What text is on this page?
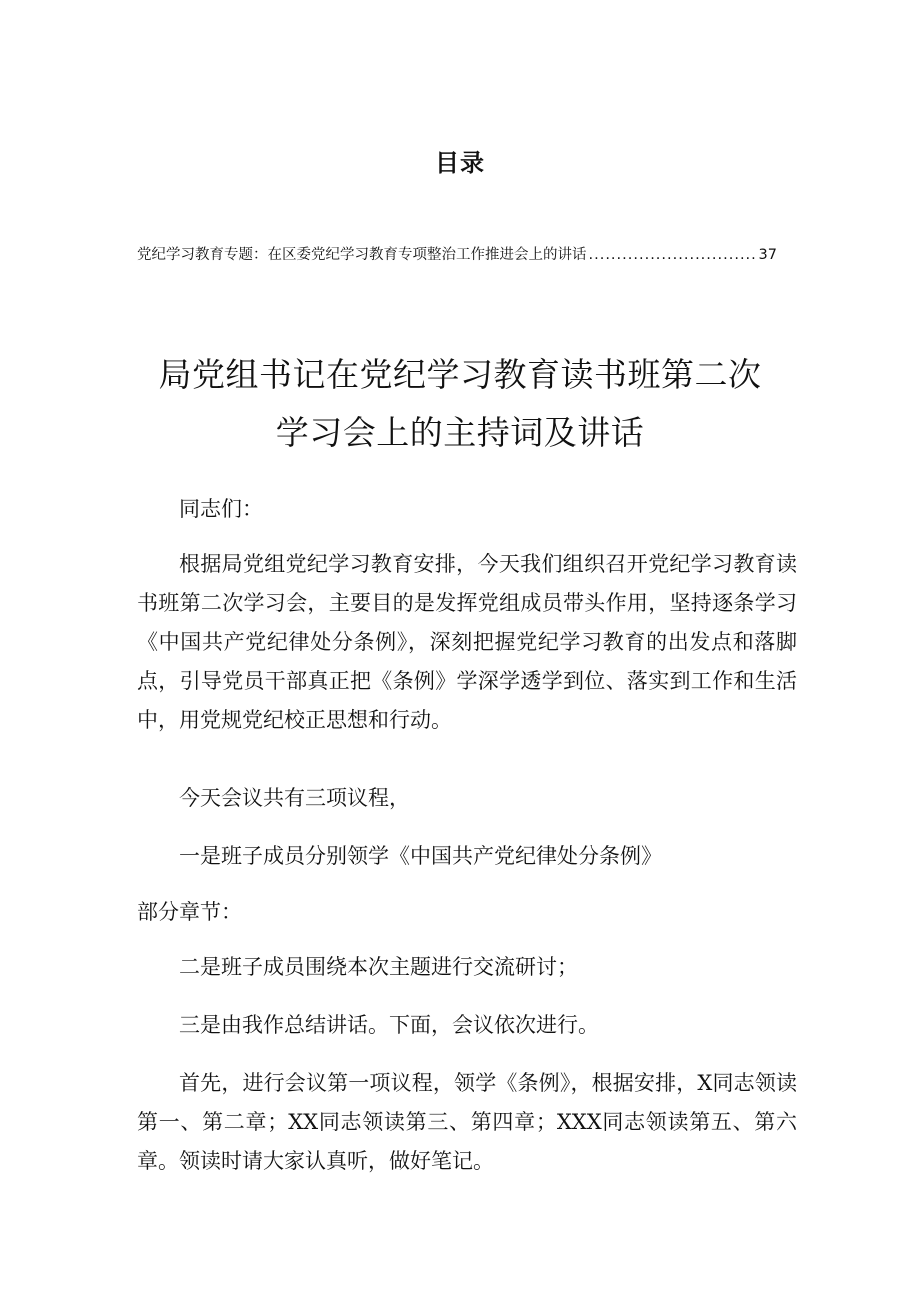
目录
党纪学习教育专题：在区委党纪学习教育专项整治工作推进会上的讲话
.....	37
局党组书记在党纪学习教育读书班第二次
学习会上的主持词及讲话

同志们：

根据局党组党纪学习教育安排，今天我们组织召开党纪学习教育读书班第二次学习会，主要目的是发挥党组成员带头作用，坚持逐条学习《中国共产党纪律处分条例》，深刻把握党纪学习教育的出发点和落脚点，引导党员干部真正把《条例》学深学透学到位、落实到工作和生活中，用党规党纪校正思想和行动。

今天会议共有三项议程，

一是班子成员分别领学《中国共产党纪律处分条例》

部分章节：

二是班子成员围绕本次主题进行交流研讨；

三是由我作总结讲话。下面，会议依次进行。

首先，进行会议第一项议程，领学《条例》，根据安排，X同志领读第一、第二章；XX同志领读第三、第四章；XXX同志领读第五、第六章。领读时请大家认真听，做好笔记。
